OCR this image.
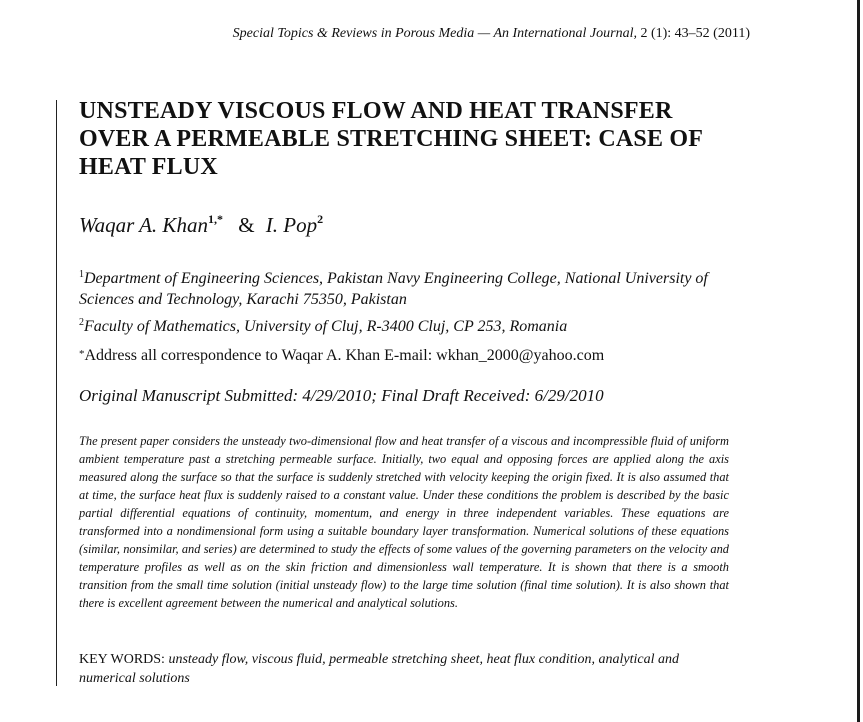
Special Topics & Reviews in Porous Media — An International Journal, 2 (1): 43–52 (2011)
UNSTEADY VISCOUS FLOW AND HEAT TRANSFER
OVER A PERMEABLE STRETCHING SHEET: CASE OF
HEAT FLUX
Waqar A. Khan$^{1,*}$ & I. Pop$^2$
$^1$Department of Engineering Sciences, Pakistan Navy Engineering College, National University of Sciences and Technology, Karachi 75350, Pakistan
$^2$Faculty of Mathematics, University of Cluj, R-3400 Cluj, CP 253, Romania
*Address all correspondence to Waqar A. Khan E-mail: wkhan_2000@yahoo.com
Original Manuscript Submitted: 4/29/2010; Final Draft Received: 6/29/2010
The present paper considers the unsteady two-dimensional flow and heat transfer of a viscous and incompressible fluid of uniform ambient temperature past a stretching permeable surface. Initially, two equal and opposing forces are applied along the axis measured along the surface so that the surface is suddenly stretched with velocity keeping the origin fixed. It is also assumed that at time, the surface heat flux is suddenly raised to a constant value. Under these conditions the problem is described by the basic partial differential equations of continuity, momentum, and energy in three independent variables. These equations are transformed into a nondimensional form using a suitable boundary layer transformation. Numerical solutions of these equations (similar, nonsimilar, and series) are determined to study the effects of some values of the governing parameters on the velocity and temperature profiles as well as on the skin friction and dimensionless wall temperature. It is shown that there is a smooth transition from the small time solution (initial unsteady flow) to the large time solution (final time solution). It is also shown that there is excellent agreement between the numerical and analytical solutions.
KEY WORDS: unsteady flow, viscous fluid, permeable stretching sheet, heat flux condition, analytical and numerical solutions
